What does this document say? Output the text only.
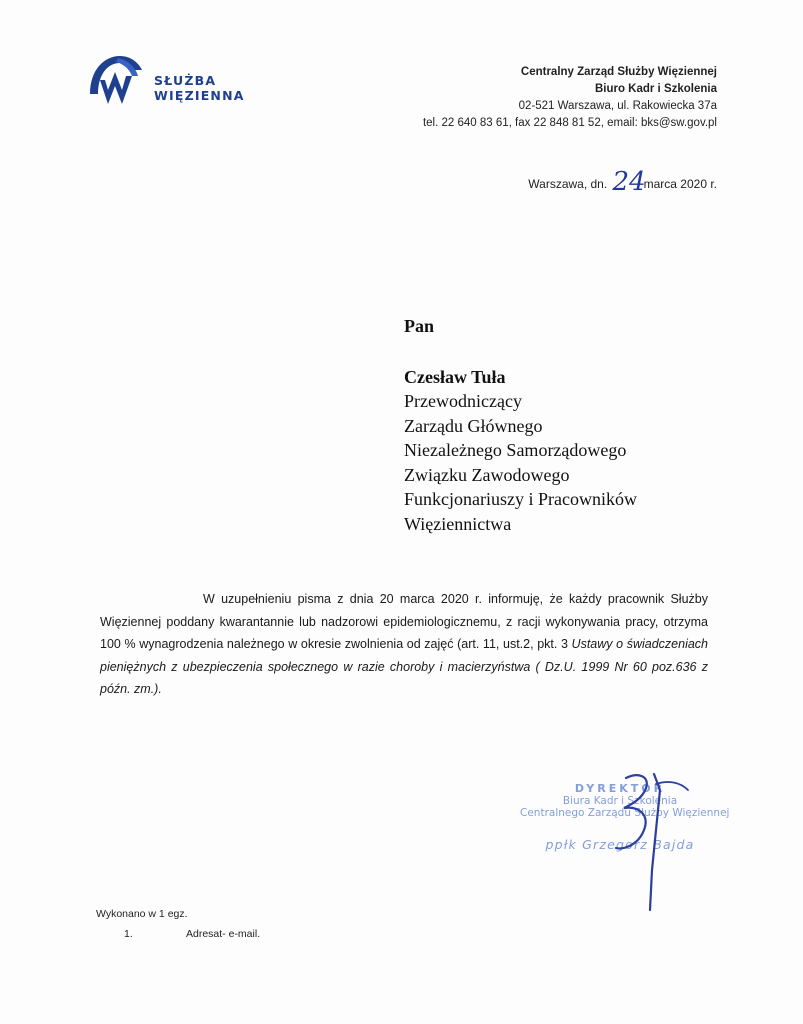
SŁUŻBA
WIĘZIENNA
Centralny Zarząd Służby Więziennej
Biuro Kadr i Szkolenia
02-521 Warszawa, ul. Rakowiecka 37a
tel. 22 640 83 61, fax 22 848 81 52, email: bks@sw.gov.pl
Warszawa, dn. 24marca 2020 r.
Pan
Czesław Tuła
Przewodniczący
Zarządu Głównego
Niezależnego Samorządowego
Związku Zawodowego
Funkcjonariuszy i Pracowników
Więziennictwa

W uzupełnieniu pisma z dnia 20 marca 2020 r. informuję, że każdy pracownik Służby Więziennej poddany kwarantannie lub nadzorowi epidemiologicznemu, z racji wykonywania pracy, otrzyma 100 % wynagrodzenia należnego w okresie zwolnienia od zajęć (art. 11, ust.2, pkt. 3 Ustawy o świadczeniach pieniężnych z ubezpieczenia społecznego w razie choroby i macierzyństwa ( Dz.U. 1999 Nr 60 poz.636 z późn. zm.).

DYREKTOR
Biura Kadr i Szkolenia
Centralnego Zarządu Służby Więziennej
ppłk Grzegorz Bajda
Wykonano w 1 egz.
1.	Adresat- e-mail.
